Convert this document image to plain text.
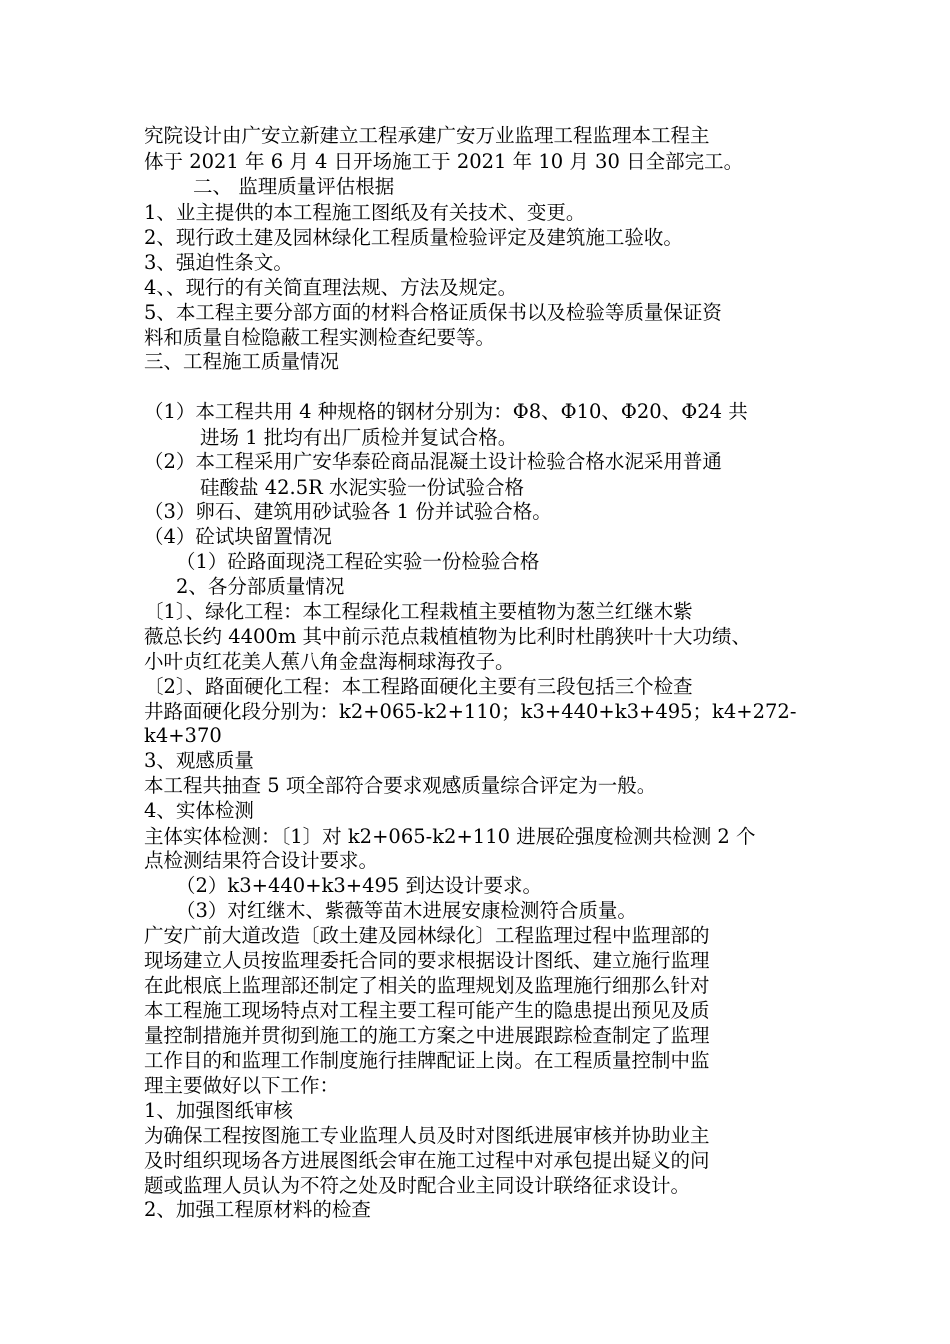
究院设计由广安立新建立工程承建广安万业监理工程监理本工程主
体于 2021 年 6 月 4 日开场施工于 2021 年 10 月 30 日全部完工。
二、 监理质量评估根据
1、业主提供的本工程施工图纸及有关技术、变更。
2、现行政土建及园林绿化工程质量检验评定及建筑施工验收。
3、强迫性条文。
4、、现行的有关简直理法规、方法及规定。
5、本工程主要分部方面的材料合格证质保书以及检验等质量保证资
料和质量自检隐蔽工程实测检查纪要等。
三、工程施工质量情况
（1）本工程共用 4 种规格的钢材分别为：Φ8、Φ10、Φ20、Φ24 共
进场 1 批均有出厂质检并复试合格。
（2）本工程采用广安华泰砼商品混凝土设计检验合格水泥采用普通
硅酸盐 42.5R 水泥实验一份试验合格
（3）卵石、建筑用砂试验各 1 份并试验合格。
（4）砼试块留置情况
（1）砼路面现浇工程砼实验一份检验合格
2、各分部质量情况
〔1〕、绿化工程：本工程绿化工程栽植主要植物为葱兰红继木紫
薇总长约 4400m 其中前示范点栽植植物为比利时杜鹃狭叶十大功绩、
小叶贞红花美人蕉八角金盘海桐球海孜子。
〔2〕、路面硬化工程：本工程路面硬化主要有三段包括三个检查
井路面硬化段分别为：k2+065-k2+110；k3+440+k3+495；k4+272-
k4+370
3、观感质量
本工程共抽查 5 项全部符合要求观感质量综合评定为一般。
4、实体检测
主体实体检测：〔1〕对 k2+065-k2+110 进展砼强度检测共检测 2 个
点检测结果符合设计要求。
（2）k3+440+k3+495 到达设计要求。
（3）对红继木、紫薇等苗木进展安康检测符合质量。
广安广前大道改造〔政土建及园林绿化〕工程监理过程中监理部的
现场建立人员按监理委托合同的要求根据设计图纸、建立施行监理
在此根底上监理部还制定了相关的监理规划及监理施行细那么针对
本工程施工现场特点对工程主要工程可能产生的隐患提出预见及质
量控制措施并贯彻到施工的施工方案之中进展跟踪检查制定了监理
工作目的和监理工作制度施行挂牌配证上岗。在工程质量控制中监
理主要做好以下工作：
1、加强图纸审核
为确保工程按图施工专业监理人员及时对图纸进展审核并协助业主
及时组织现场各方进展图纸会审在施工过程中对承包提出疑义的问
题或监理人员认为不符之处及时配合业主同设计联络征求设计。
2、加强工程原材料的检查
